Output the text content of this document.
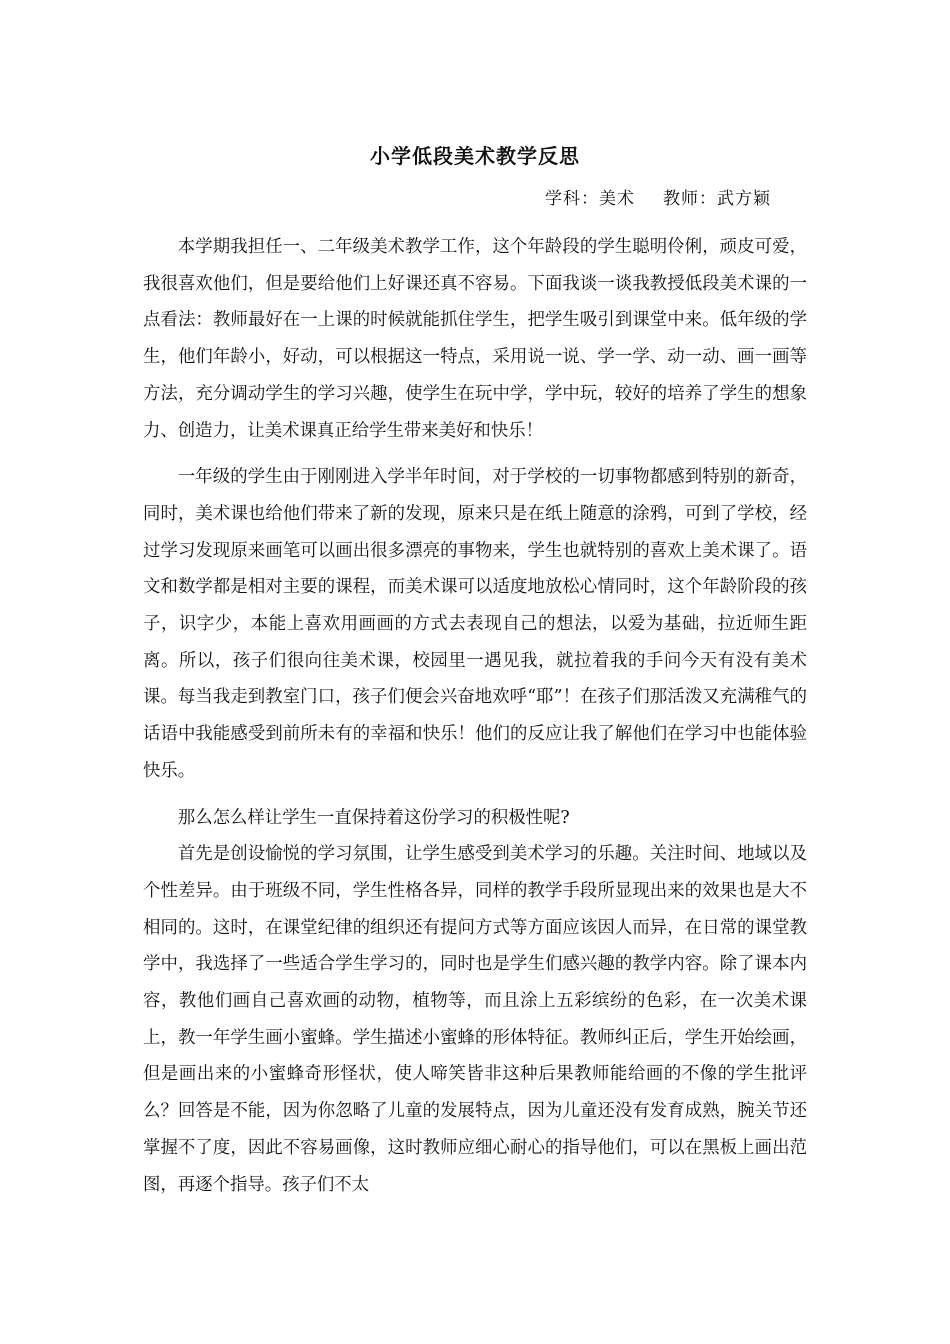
小学低段美术教学反思
学科：美术 教师：武方颖

本学期我担任一、二年级美术教学工作，这个年龄段的学生聪明伶俐，顽皮可爱，我很喜欢他们，但是要给他们上好课还真不容易。下面我谈一谈我教授低段美术课的一点看法：教师最好在一上课的时候就能抓住学生，把学生吸引到课堂中来。低年级的学生，他们年龄小，好动，可以根据这一特点，采用说一说、学一学、动一动、画一画等方法，充分调动学生的学习兴趣，使学生在玩中学，学中玩，较好的培养了学生的想象力、创造力，让美术课真正给学生带来美好和快乐！

一年级的学生由于刚刚进入学半年时间，对于学校的一切事物都感到特别的新奇，同时，美术课也给他们带来了新的发现，原来只是在纸上随意的涂鸦，可到了学校，经过学习发现原来画笔可以画出很多漂亮的事物来，学生也就特别的喜欢上美术课了。语文和数学都是相对主要的课程，而美术课可以适度地放松心情同时，这个年龄阶段的孩子，识字少，本能上喜欢用画画的方式去表现自己的想法，以爱为基础，拉近师生距离。所以，孩子们很向往美术课，校园里一遇见我，就拉着我的手问今天有没有美术课。每当我走到教室门口，孩子们便会兴奋地欢呼“耶”！在孩子们那活泼又充满稚气的话语中我能感受到前所未有的幸福和快乐！他们的反应让我了解他们在学习中也能体验快乐。

那么怎么样让学生一直保持着这份学习的积极性呢?

首先是创设愉悦的学习氛围，让学生感受到美术学习的乐趣。关注时间、地域以及个性差异。由于班级不同，学生性格各异，同样的教学手段所显现出来的效果也是大不相同的。这时，在课堂纪律的组织还有提问方式等方面应该因人而异，在日常的课堂教学中，我选择了一些适合学生学习的，同时也是学生们感兴趣的教学内容。除了课本内容，教他们画自己喜欢画的动物，植物等，而且涂上五彩缤纷的色彩，在一次美术课上，教一年学生画小蜜蜂。学生描述小蜜蜂的形体特征。教师纠正后，学生开始绘画，但是画出来的小蜜蜂奇形怪状，使人啼笑皆非这种后果教师能给画的不像的学生批评么？回答是不能，因为你忽略了儿童的发展特点，因为儿童还没有发育成熟，腕关节还掌握不了度，因此不容易画像，这时教师应细心耐心的指导他们，可以在黑板上画出范图，再逐个指导。孩子们不太
